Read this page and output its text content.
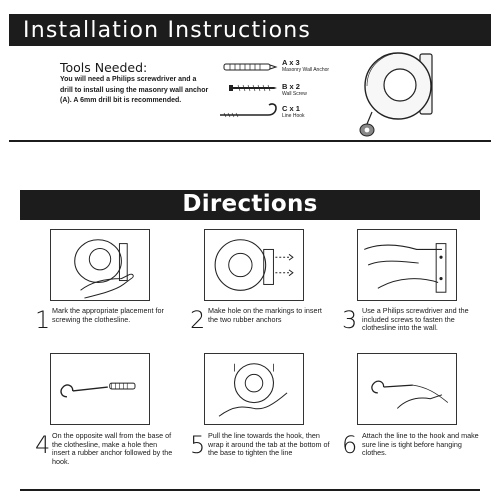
Installation Instructions
Tools Needed:
You will need a Philips screwdriver and a drill to install using the masonry wall anchor (A). A 6mm drill bit is recommended.
A x 3
Masonry Wall Anchor
B x 2
Wall Screw
C x 1
Line Hook
Directions
1 Mark the appropriate placement for screwing the clothesline.	2 Make hole on the markings to insert the two rubber anchors	3 Use a Philips screwdriver and the included screws to fasten the clothesline into the wall.
4 On the opposite wall from the base of the clothesline, make a hole then insert a rubber anchor followed by the hook.
5 Pull the line towards the hook, then wrap it around the tab at the bottom of the base to tighten the line	6 Attach the line to the hook and make sure line is tight before hanging clothes.
